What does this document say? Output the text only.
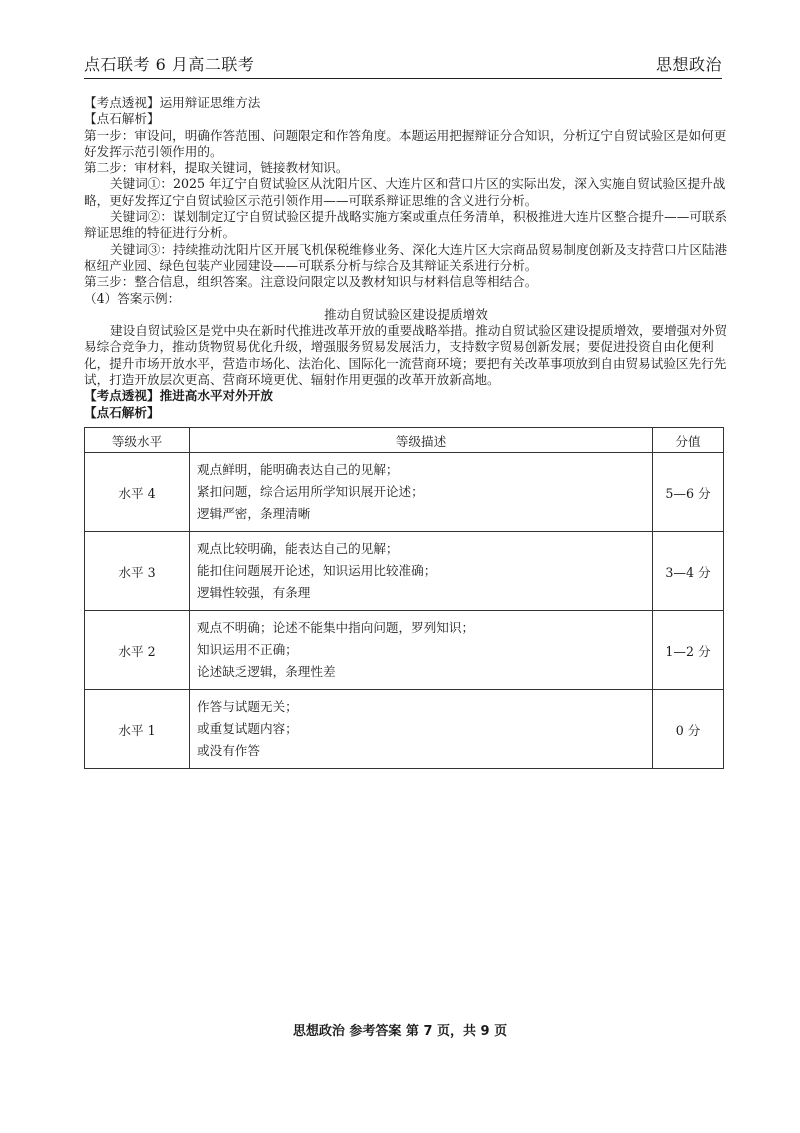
点石联考 6 月高二联考	思想政治

【考点透视】运用辩证思维方法

【点石解析】

第一步：审设问，明确作答范围、问题限定和作答角度。本题运用把握辩证分合知识，分析辽宁自贸试验区是如何更好发挥示范引领作用的。

第二步：审材料，提取关键词，链接教材知识。

关键词①：2025 年辽宁自贸试验区从沈阳片区、大连片区和营口片区的实际出发，深入实施自贸试验区提升战略，更好发挥辽宁自贸试验区示范引领作用——可联系辩证思维的含义进行分析。

关键词②：谋划制定辽宁自贸试验区提升战略实施方案或重点任务清单，积极推进大连片区整合提升——可联系辩证思维的特征进行分析。

关键词③：持续推动沈阳片区开展飞机保税维修业务、深化大连片区大宗商品贸易制度创新及支持营口片区陆港枢纽产业园、绿色包装产业园建设——可联系分析与综合及其辩证关系进行分析。

第三步：整合信息，组织答案。注意设问限定以及教材知识与材料信息等相结合。

（4）答案示例：

推动自贸试验区建设提质增效

建设自贸试验区是党中央在新时代推进改革开放的重要战略举措。推动自贸试验区建设提质增效，要增强对外贸易综合竞争力，推动货物贸易优化升级，增强服务贸易发展活力，支持数字贸易创新发展；要促进投资自由化便利化，提升市场开放水平，营造市场化、法治化、国际化一流营商环境；要把有关改革事项放到自由贸易试验区先行先试，打造开放层次更高、营商环境更优、辐射作用更强的改革开放新高地。

【考点透视】推进高水平对外开放

【点石解析】

等级水平	等级描述	分值
水平 4	观点鲜明，能明确表达自己的见解；
紧扣问题，综合运用所学知识展开论述；
逻辑严密，条理清晰	5—6 分
水平 3	观点比较明确，能表达自己的见解；
能扣住问题展开论述，知识运用比较准确；
逻辑性较强，有条理	3—4 分
水平 2	观点不明确；论述不能集中指向问题，罗列知识；
知识运用不正确；
论述缺乏逻辑，条理性差	1—2 分
水平 1	作答与试题无关；
或重复试题内容；
或没有作答	0 分
思想政治 参考答案 第 7 页，共 9 页
